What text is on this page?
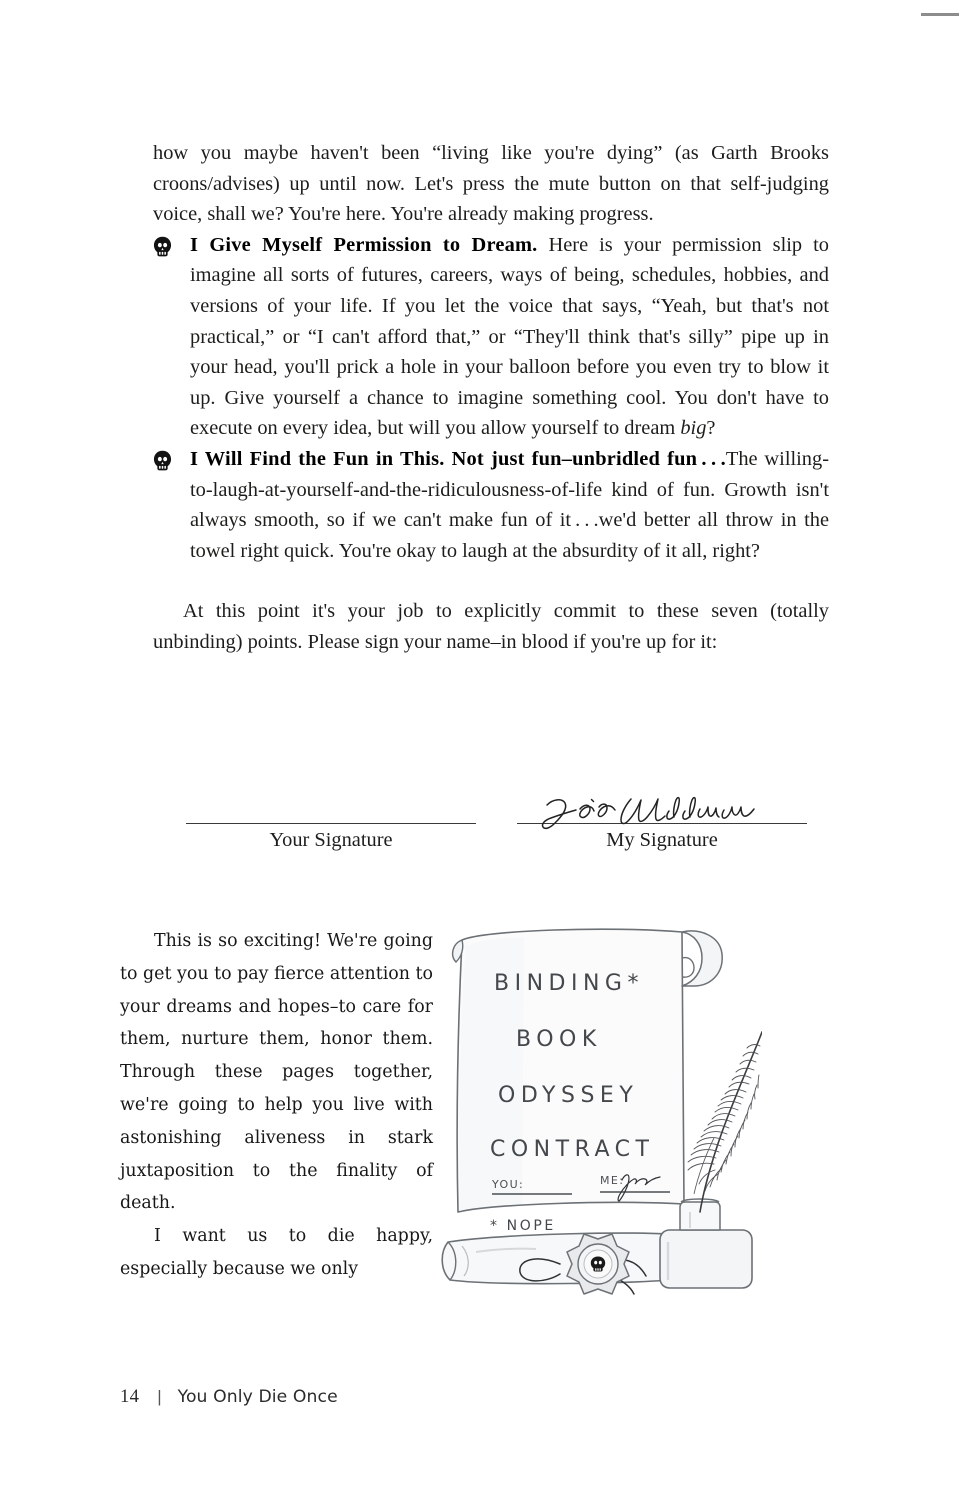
how you maybe haven't been “living like you're dying” (as Garth Brooks croons/advises) up until now. Let's press the mute button on that self-judging voice, shall we? You're here. You're already making progress.

I Give Myself Permission to Dream. Here is your permission slip to imagine all sorts of futures, careers, ways of being, schedules, hobbies, and versions of your life. If you let the voice that says, “Yeah, but that's not practical,” or “I can't afford that,” or “They'll think that's silly” pipe up in your head, you'll prick a hole in your balloon before you even try to blow it up. Give yourself a chance to imagine something cool. You don't have to execute on every idea, but will you allow yourself to dream big?
I Will Find the Fun in This. Not just fun–unbridled fun . . .The willing-to-laugh-at-yourself-and-the-ridiculousness-of-life kind of fun. Growth isn't always smooth, so if we can't make fun of it . . .we'd better all throw in the towel right quick. You're okay to laugh at the absurdity of it all, right?

At this point it's your job to explicitly commit to these seven (totally unbinding) points. Please sign your name–in blood if you're up for it:

Your Signature	My Signature

This is so exciting! We're going to get you to pay fierce attention to your dreams and hopes–to care for them, nurture them, honor them. Through these pages together, we're going to help you live with astonishing aliveness in stark juxtaposition to the finality of death.

I want us to die happy, especially because we only

BINDING*
BOOK
ODYSSEY
CONTRACT
YOU:	ME:
* NOPE
14	| You Only Die Once
